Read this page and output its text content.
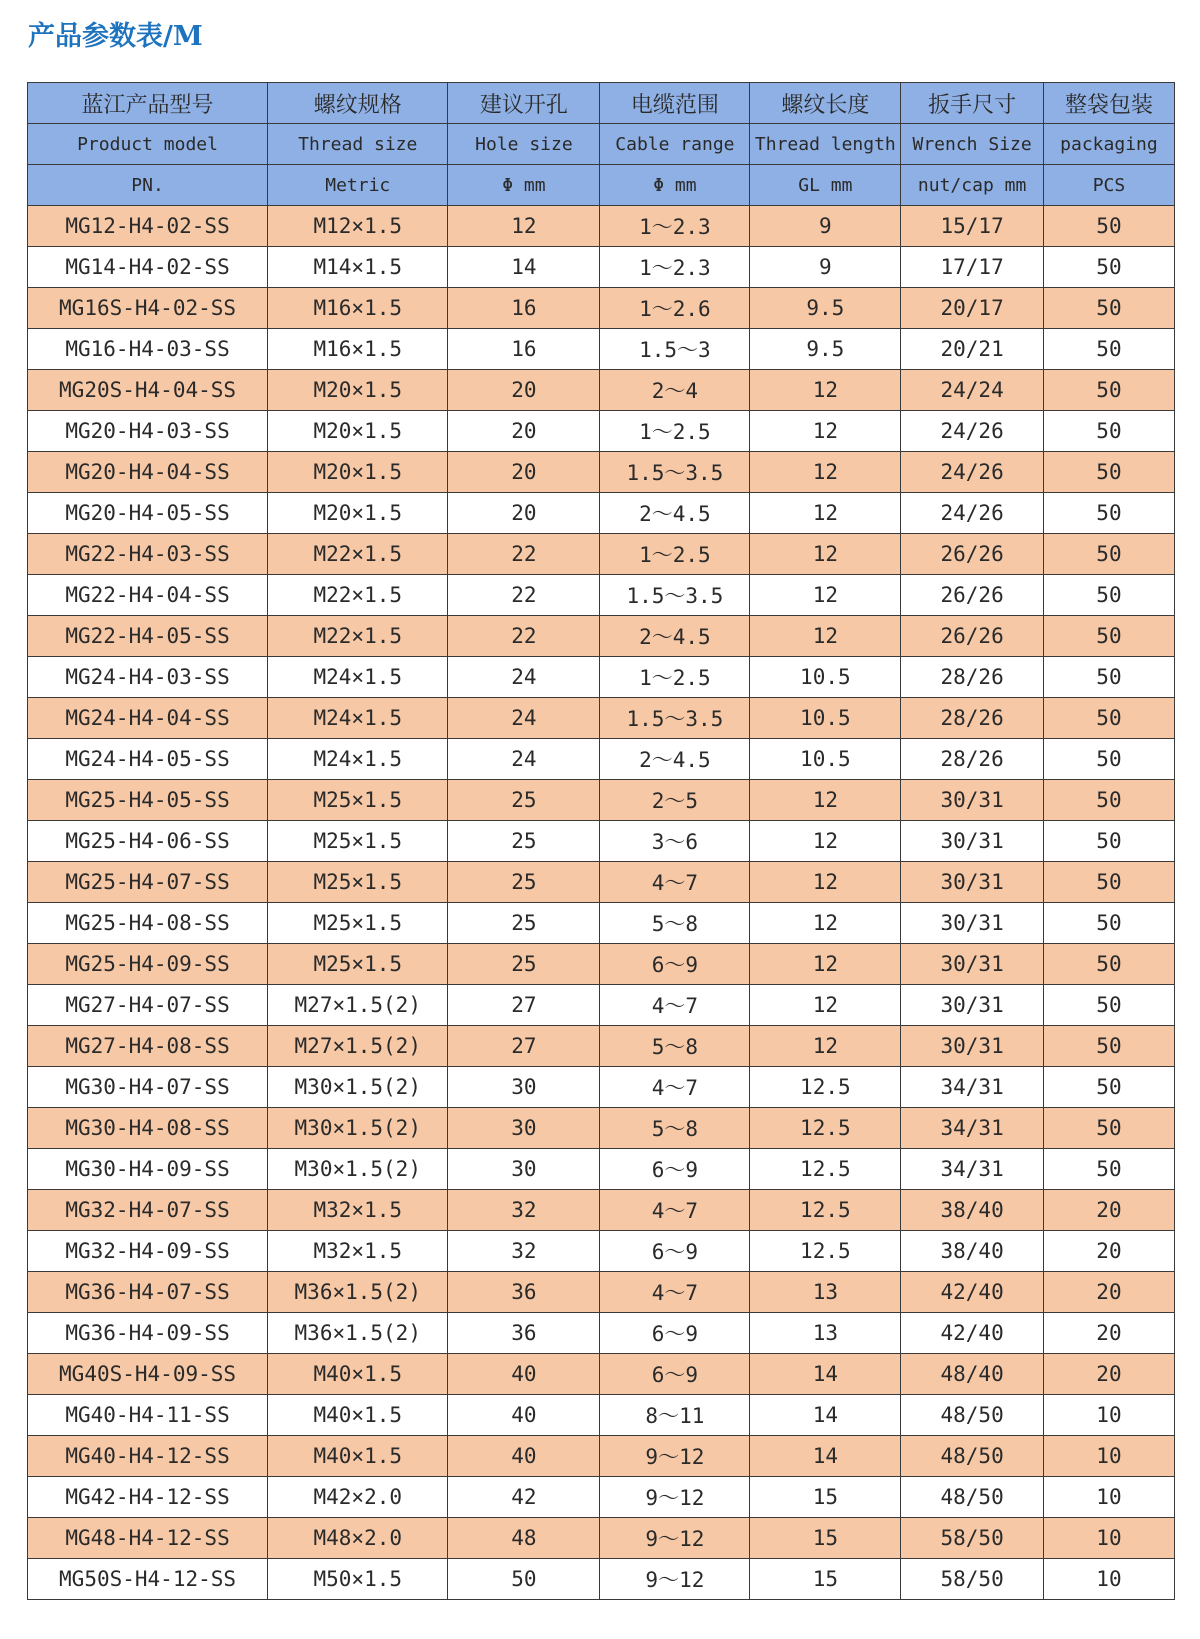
产品参数表/M
蓝江产品型号	螺纹规格	建议开孔	电缆范围	螺纹长度	扳手尺寸	整袋包装
Product model	Thread size	Hole size	Cable range	Thread length	Wrench Size	packaging
PN.	Metric	Φ mm	Φ mm	GL mm	nut/cap mm	PCS
MG12-H4-02-SS	M12×1.5	12	1～2.3	9	15/17	50
MG14-H4-02-SS	M14×1.5	14	1～2.3	9	17/17	50
MG16S-H4-02-SS	M16×1.5	16	1～2.6	9.5	20/17	50
MG16-H4-03-SS	M16×1.5	16	1.5～3	9.5	20/21	50
MG20S-H4-04-SS	M20×1.5	20	2～4	12	24/24	50
MG20-H4-03-SS	M20×1.5	20	1～2.5	12	24/26	50
MG20-H4-04-SS	M20×1.5	20	1.5～3.5	12	24/26	50
MG20-H4-05-SS	M20×1.5	20	2～4.5	12	24/26	50
MG22-H4-03-SS	M22×1.5	22	1～2.5	12	26/26	50
MG22-H4-04-SS	M22×1.5	22	1.5～3.5	12	26/26	50
MG22-H4-05-SS	M22×1.5	22	2～4.5	12	26/26	50
MG24-H4-03-SS	M24×1.5	24	1～2.5	10.5	28/26	50
MG24-H4-04-SS	M24×1.5	24	1.5～3.5	10.5	28/26	50
MG24-H4-05-SS	M24×1.5	24	2～4.5	10.5	28/26	50
MG25-H4-05-SS	M25×1.5	25	2～5	12	30/31	50
MG25-H4-06-SS	M25×1.5	25	3～6	12	30/31	50
MG25-H4-07-SS	M25×1.5	25	4～7	12	30/31	50
MG25-H4-08-SS	M25×1.5	25	5～8	12	30/31	50
MG25-H4-09-SS	M25×1.5	25	6～9	12	30/31	50
MG27-H4-07-SS	M27×1.5(2)	27	4～7	12	30/31	50
MG27-H4-08-SS	M27×1.5(2)	27	5～8	12	30/31	50
MG30-H4-07-SS	M30×1.5(2)	30	4～7	12.5	34/31	50
MG30-H4-08-SS	M30×1.5(2)	30	5～8	12.5	34/31	50
MG30-H4-09-SS	M30×1.5(2)	30	6～9	12.5	34/31	50
MG32-H4-07-SS	M32×1.5	32	4～7	12.5	38/40	20
MG32-H4-09-SS	M32×1.5	32	6～9	12.5	38/40	20
MG36-H4-07-SS	M36×1.5(2)	36	4～7	13	42/40	20
MG36-H4-09-SS	M36×1.5(2)	36	6～9	13	42/40	20
MG40S-H4-09-SS	M40×1.5	40	6～9	14	48/40	20
MG40-H4-11-SS	M40×1.5	40	8～11	14	48/50	10
MG40-H4-12-SS	M40×1.5	40	9～12	14	48/50	10
MG42-H4-12-SS	M42×2.0	42	9～12	15	48/50	10
MG48-H4-12-SS	M48×2.0	48	9～12	15	58/50	10
MG50S-H4-12-SS	M50×1.5	50	9～12	15	58/50	10
